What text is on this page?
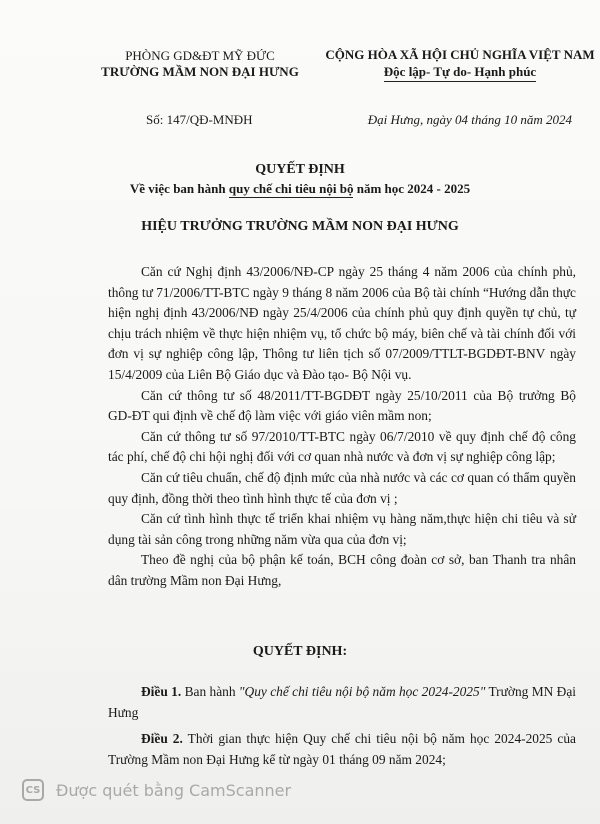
PHÒNG GD&ĐT MỸ ĐỨC
TRƯỜNG MẦM NON ĐẠI HƯNG
CỘNG HÒA XÃ HỘI CHỦ NGHĨA VIỆT NAM
Độc lập- Tự do- Hạnh phúc
Số: 147/QĐ-MNĐH	Đại Hưng, ngày 04 tháng 10 năm 2024
QUYẾT ĐỊNH
Về việc ban hành quy chế chi tiêu nội bộ năm học 2024 - 2025
HIỆU TRƯỞNG TRƯỜNG MẦM NON ĐẠI HƯNG

Căn cứ Nghị định 43/2006/NĐ-CP ngày 25 tháng 4 năm 2006 của chính phủ, thông tư 71/2006/TT-BTC ngày 9 tháng 8 năm 2006 của Bộ tài chính “Hướng dẫn thực hiện nghị định 43/2006/NĐ ngày 25/4/2006 của chính phủ quy định quyền tự chủ, tự chịu trách nhiệm về thực hiện nhiệm vụ, tổ chức bộ máy, biên chế và tài chính đối với đơn vị sự nghiệp công lập, Thông tư liên tịch số 07/2009/TTLT-BGDĐT-BNV ngày 15/4/2009 của Liên Bộ Giáo dục và Đào tạo- Bộ Nội vụ.

Căn cứ thông tư số 48/2011/TT-BGDĐT ngày 25/10/2011 của Bộ trưởng Bộ GD-ĐT qui định về chế độ làm việc với giáo viên mầm non;

Căn cứ thông tư số 97/2010/TT-BTC ngày 06/7/2010 về quy định chế độ công tác phí, chế độ chi hội nghị đối với cơ quan nhà nước và đơn vị sự nghiệp công lập;

Căn cứ tiêu chuẩn, chế độ định mức của nhà nước và các cơ quan có thẩm quyền quy định, đồng thời theo tình hình thực tế của đơn vị ;

Căn cứ tình hình thực tế triển khai nhiệm vụ hàng năm,thực hiện chi tiêu và sử dụng tài sản công trong những năm vừa qua của đơn vị;

Theo đề nghị của bộ phận kế toán, BCH công đoàn cơ sở, ban Thanh tra nhân dân trường Mầm non Đại Hưng,

QUYẾT ĐỊNH:

Điều 1. Ban hành "Quy chế chi tiêu nội bộ năm học 2024-2025" Trường MN Đại Hưng

Điều 2. Thời gian thực hiện Quy chế chi tiêu nội bộ năm học 2024-2025 của Trường Mầm non Đại Hưng kể từ ngày 01 tháng 09 năm 2024;

CS Được quét bằng CamScanner
